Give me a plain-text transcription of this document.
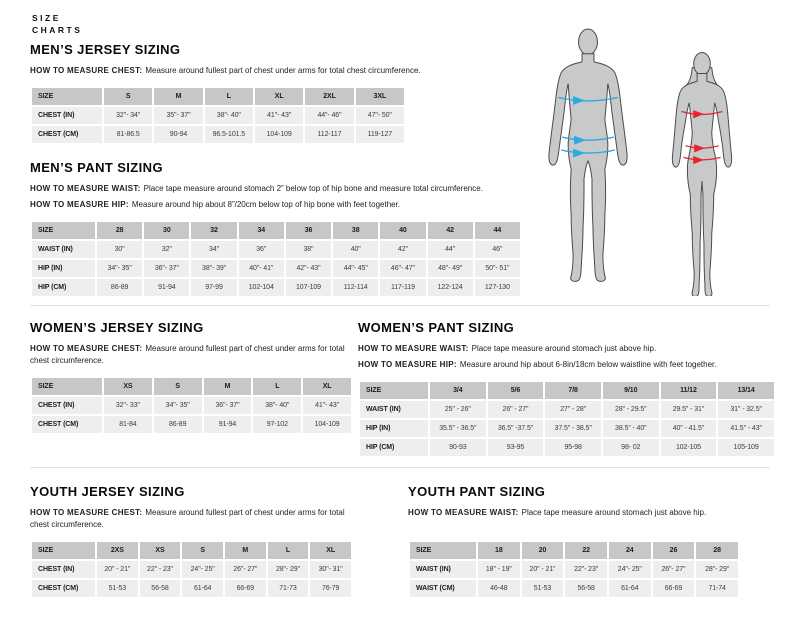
SIZE
CHARTS
MEN’S JERSEY SIZING

HOW TO MEASURE CHEST: Measure around fullest part of chest under arms for total chest circumference.

SIZE	S	M	L	XL	2XL	3XL
CHEST (IN)	32"- 34"	35"- 37"	38"- 40"	41"- 43"	44"- 46"	47"- 50"
CHEST (CM)	81-86.5	90-94	96.5-101.5	104-109	112-117	119-127
MEN’S PANT SIZING

HOW TO MEASURE WAIST: Place tape measure around stomach 2” below top of hip bone and measure total circumference.

HOW TO MEASURE HIP: Measure around hip about 8”/20cm below top of hip bone with feet together.

SIZE	28	30	32	34	36	38	40	42	44
WAIST (IN)	30"	32"	34"	36"	38"	40"	42"	44"	46"
HIP (IN)	34"- 35"	36"- 37"	38"- 39"	40"- 41"	42"- 43"	44"- 45"	46"- 47"	48"- 49"	50"- 51"
HIP (CM)	86-89	91-94	97-99	102-104	107-109	112-114	117-119	122-124	127-130
WOMEN’S JERSEY SIZING

HOW TO MEASURE CHEST: Measure around fullest part of chest under arms for total chest circumference.

SIZE	XS	S	M	L	XL
CHEST (IN)	32"- 33"	34"- 35"	36"- 37"	38"- 40"	41"- 43"
CHEST (CM)	81-84	86-89	91-94	97-102	104-109
WOMEN’S PANT SIZING

HOW TO MEASURE WAIST: Place tape measure around stomach just above hip.

HOW TO MEASURE HIP: Measure around hip about 6-8in/18cm below waistline with feet together.

SIZE	3/4	5/6	7/8	9/10	11/12	13/14
WAIST (IN)	25" - 26"	26" - 27"	27" - 28"	28" - 29.5"	29.5" - 31"	31" - 32.5"
HIP (IN)	35.5" - 36.5"	36.5" -37.5"	37.5" - 38.5"	38.5" - 40"	40" - 41.5"	41.5" - 43"
HIP (CM)	90-93	93-95	95-98	98- 02	102-105	105-109
YOUTH JERSEY SIZING

HOW TO MEASURE CHEST: Measure around fullest part of chest under arms for total chest circumference.

SIZE	2XS	XS	S	M	L	XL
CHEST (IN)	20" - 21"	22" - 23"	24"- 25"	26"- 27"	28"- 29"	30"- 31"
CHEST (CM)	51-53	56-58	61-64	66-69	71-73	76-79
YOUTH PANT SIZING

HOW TO MEASURE WAIST: Place tape measure around stomach just above hip.

SIZE	18	20	22	24	26	28
WAIST (IN)	18" - 19"	20" - 21"	22"- 23"	24"- 25"	26"- 27"	28"- 29"
WAIST (CM)	46-48	51-53	56-58	61-64	66-69	71-74
